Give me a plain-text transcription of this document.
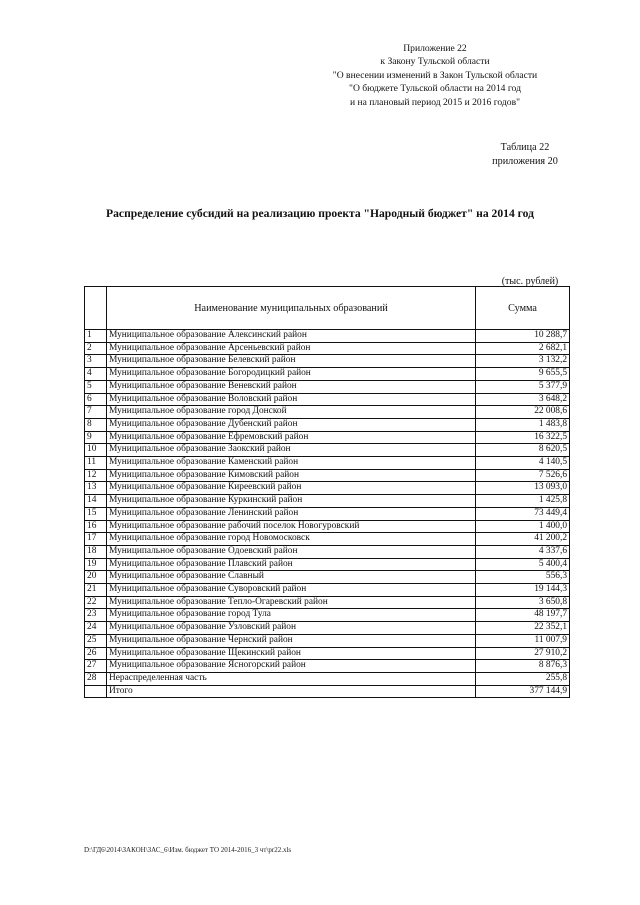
Приложение 22
к Закону Тульской области
"О внесении изменений в Закон Тульской области
"О бюджете Тульской области на 2014 год
и на плановый период 2015 и 2016 годов"
Таблица 22
приложения 20
Распределение субсидий на реализацию проекта "Народный бюджет" на 2014 год
(тыс. рублей)
	Наименование муниципальных образований	Сумма
1	Муниципальное образование Алексинский район	10 288,7
2	Муниципальное образование Арсеньевский район	2 682,1
3	Муниципальное образование Белевский район	3 132,2
4	Муниципальное образование Богородицкий район	9 655,5
5	Муниципальное образование Веневский район	5 377,9
6	Муниципальное образование Воловский район	3 648,2
7	Муниципальное образование город Донской	22 008,6
8	Муниципальное образование Дубенский район	1 483,8
9	Муниципальное образование Ефремовский район	16 322,5
10	Муниципальное образование Заокский район	8 620,5
11	Муниципальное образование Каменский район	4 140,5
12	Муниципальное образование Кимовский район	7 526,6
13	Муниципальное образование Киреевский район	13 093,0
14	Муниципальное образование Куркинский район	1 425,8
15	Муниципальное образование Ленинский район	73 449,4
16	Муниципальное образование рабочий поселок Новогуровский	1 400,0
17	Муниципальное образование город Новомосковск	41 200,2
18	Муниципальное образование Одоевский район	4 337,6
19	Муниципальное образование Плавский район	5 400,4
20	Муниципальное образование Славный	556,3
21	Муниципальное образование Суворовский район	19 144,3
22	Муниципальное образование Тепло-Огаревский район	3 650,8
23	Муниципальное образование город Тула	48 197,7
24	Муниципальное образование Узловский район	22 352,1
25	Муниципальное образование Чернский район	11 007,9
26	Муниципальное образование Щекинский район	27 910,2
27	Муниципальное образование Ясногорский район	8 876,3
28	Нераспределенная часть	255,8
	Итого	377 144,9
D:\ГД6\2014\ЗАКОН\ЗАС_6\Изм. бюджет ТО 2014-2016_3 чт\pr22.xls
